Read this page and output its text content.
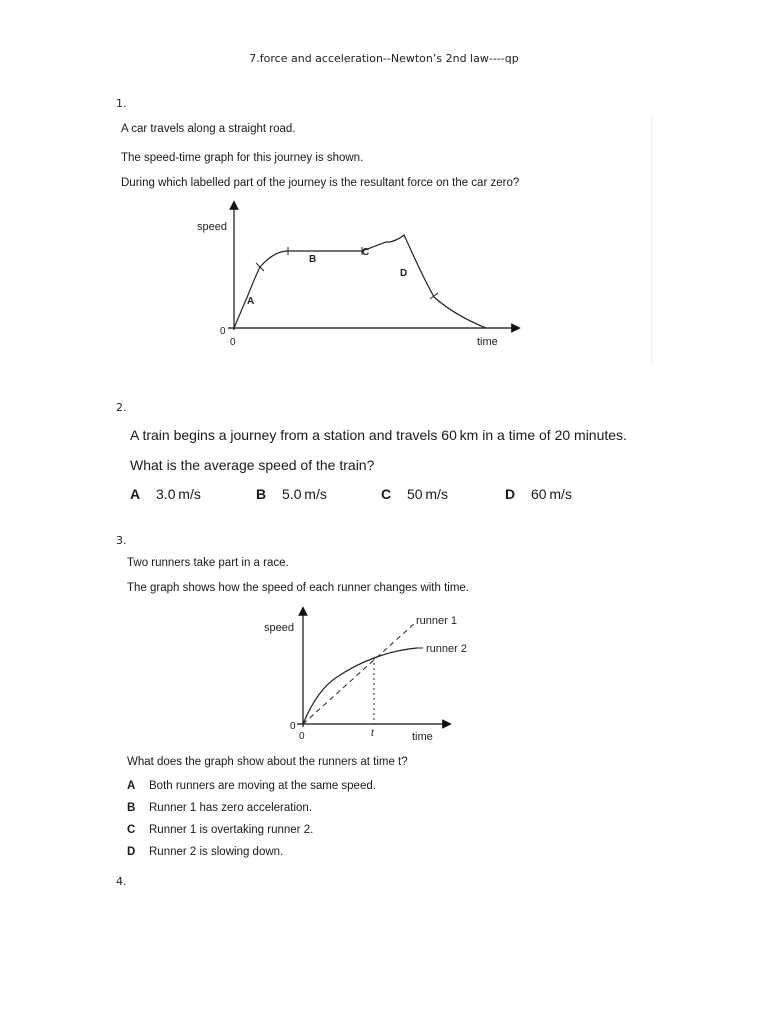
7.force and acceleration--Newton’s 2nd law----qp
1.
A car travels along a straight road.
The speed-time graph for this journey is shown.
During which labelled part of the journey is the resultant force on the car zero?
speed
time
0
0
A
B
C
D
2.
A train begins a journey from a station and travels 60 km in a time of 20 minutes.
What is the average speed of the train?
A 3.0 m/s	B 5.0 m/s	C 50 m/s	D 60 m/s
3.
Two runners take part in a race.
The graph shows how the speed of each runner changes with time.
speed
time
0
0	t
runner 1
runner 2
What does the graph show about the runners at time t?
A Both runners are moving at the same speed.
B Runner 1 has zero acceleration.
C Runner 1 is overtaking runner 2.
D Runner 2 is slowing down.
4.
